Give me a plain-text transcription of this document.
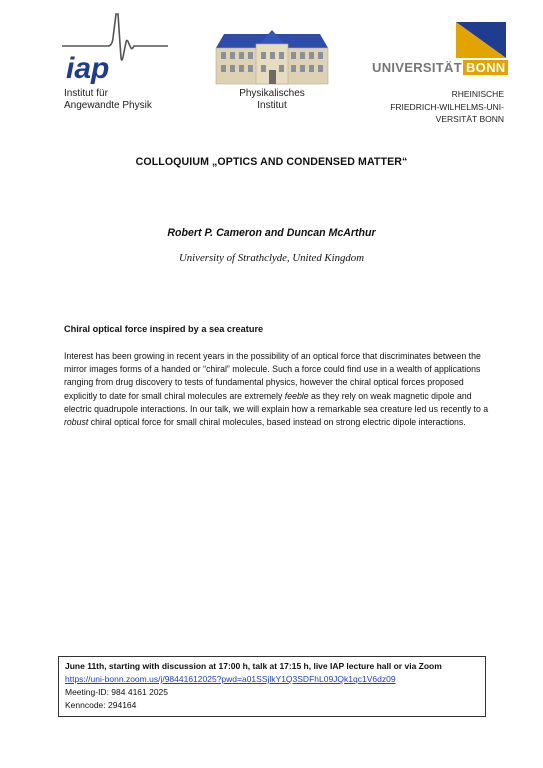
iap
Institut für
Angewandte Physik
Physikalisches
Institut
UNIVERSITÄT BONN
RHEINISCHE
FRIEDRICH-WILHELMS-UNI-
VERSITÄT BONN
COLLOQUIUM „OPTICS AND CONDENSED MATTER“
Robert P. Cameron and Duncan McArthur
University of Strathclyde, United Kingdom
Chiral optical force inspired by a sea creature
Interest has been growing in recent years in the possibility of an optical force that discriminates between the mirror images forms of a handed or “chiral” molecule. Such a force could find use in a wealth of applications ranging from drug discovery to tests of fundamental physics, however the chiral optical forces proposed explicitly to date for small chiral molecules are extremely feeble as they rely on weak magnetic dipole and electric quadrupole interactions. In our talk, we will explain how a remarkable sea creature led us recently to a robust chiral optical force for small chiral molecules, based instead on strong electric dipole interactions.
June 11th, starting with discussion at 17:00 h, talk at 17:15 h, live IAP lecture hall or via Zoom
https://uni-bonn.zoom.us/j/98441612025?pwd=a01SSjlkY1Q3SDFhL09JQk1qc1V6dz09
Meeting-ID: 984 4161 2025
Kenncode: 294164
